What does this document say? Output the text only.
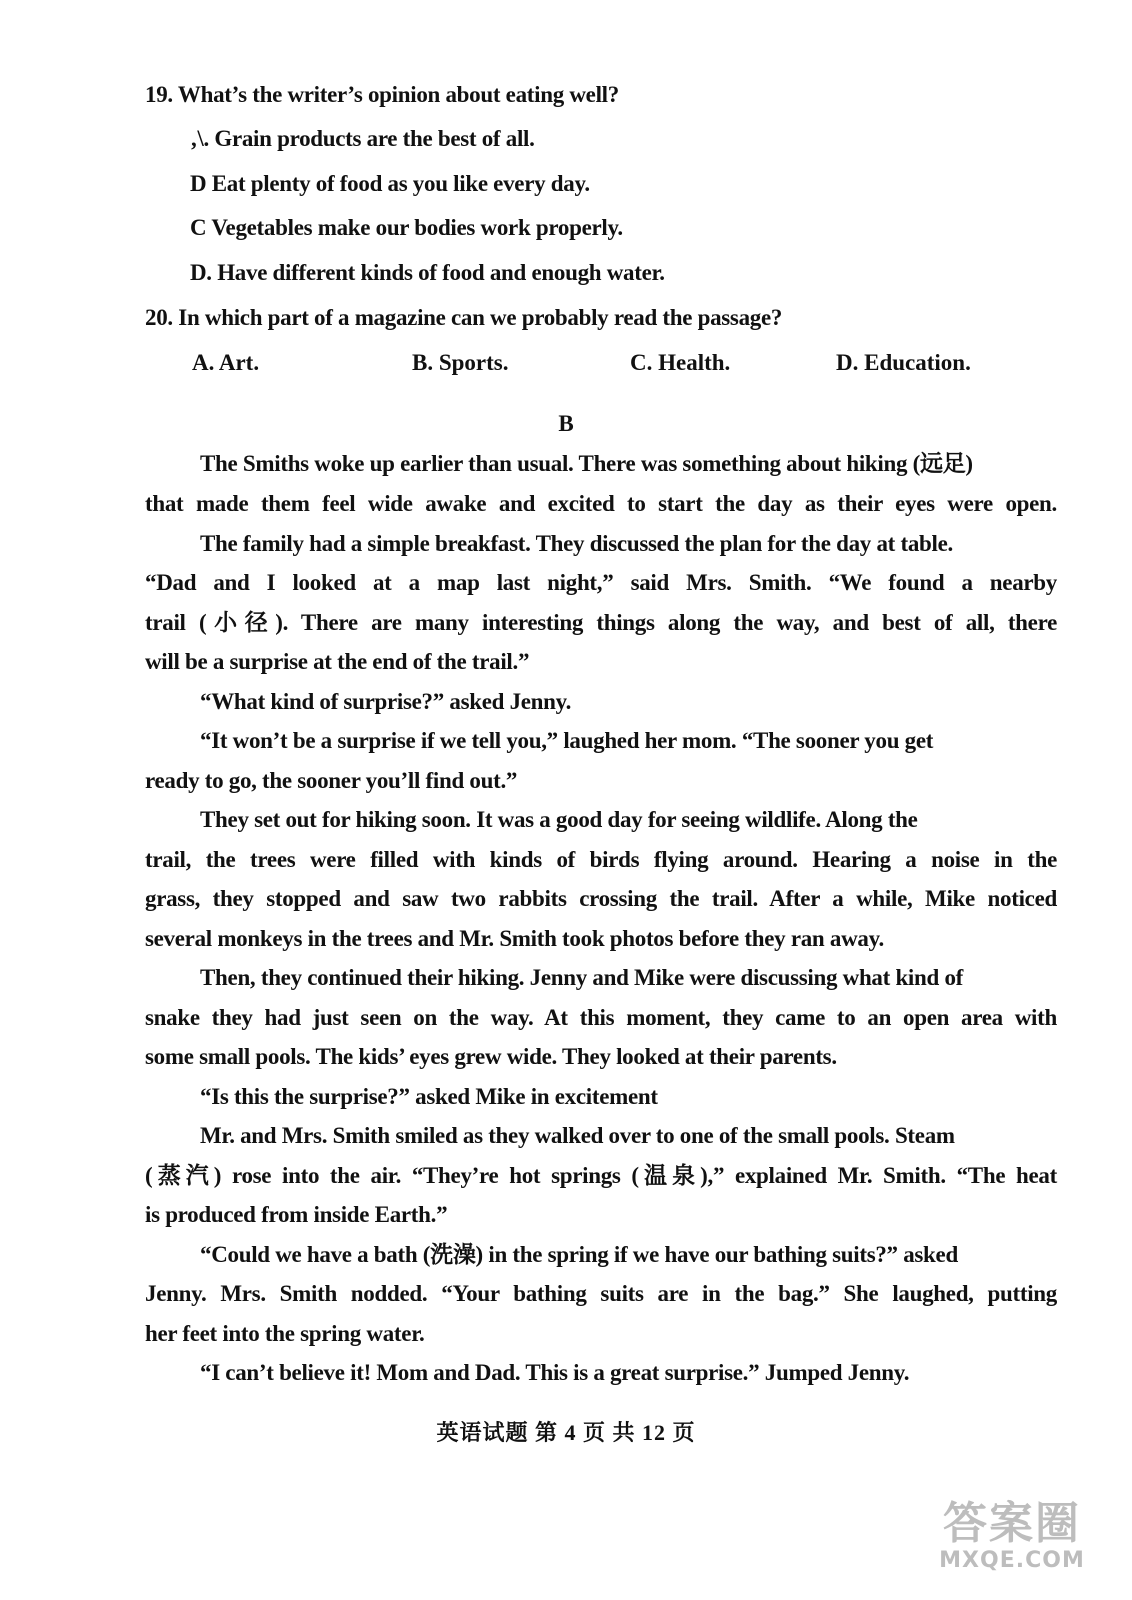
19. What’s the writer’s opinion about eating well?
‚\. Grain products are the best of all.
D Eat plenty of food as you like every day.
C Vegetables make our bodies work properly.
D. Have different kinds of food and enough water.
20. In which part of a magazine can we probably read the passage?
A. Art.	B. Sports.	C. Health.	D. Education.
B
The Smiths woke up earlier than usual. There was something about hiking (远足)
that made them feel wide awake and excited to start the day as their eyes were open.
The family had a simple breakfast. They discussed the plan for the day at table.
“Dad and I looked at a map last night,” said Mrs. Smith. “We found a nearby
trail (小径). There are many interesting things along the way, and best of all, there
will be a surprise at the end of the trail.”
“What kind of surprise?” asked Jenny.
“It won’t be a surprise if we tell you,” laughed her mom. “The sooner you get
ready to go, the sooner you’ll find out.”
They set out for hiking soon. It was a good day for seeing wildlife. Along the
trail, the trees were filled with kinds of birds flying around. Hearing a noise in the
grass, they stopped and saw two rabbits crossing the trail. After a while, Mike noticed
several monkeys in the trees and Mr. Smith took photos before they ran away.
Then, they continued their hiking. Jenny and Mike were discussing what kind of
snake they had just seen on the way. At this moment, they came to an open area with
some small pools. The kids’ eyes grew wide. They looked at their parents.
“Is this the surprise?” asked Mike in excitement
Mr. and Mrs. Smith smiled as they walked over to one of the small pools. Steam
(蒸汽) rose into the air. “They’re hot springs (温泉),” explained Mr. Smith. “The heat
is produced from inside Earth.”
“Could we have a bath (洗澡) in the spring if we have our bathing suits?” asked
Jenny. Mrs. Smith nodded. “Your bathing suits are in the bag.” She laughed, putting
her feet into the spring water.
“I can’t believe it! Mom and Dad. This is a great surprise.” Jumped Jenny.
英语试题 第 4 页 共 12 页
答案圈
MXQE.COM
